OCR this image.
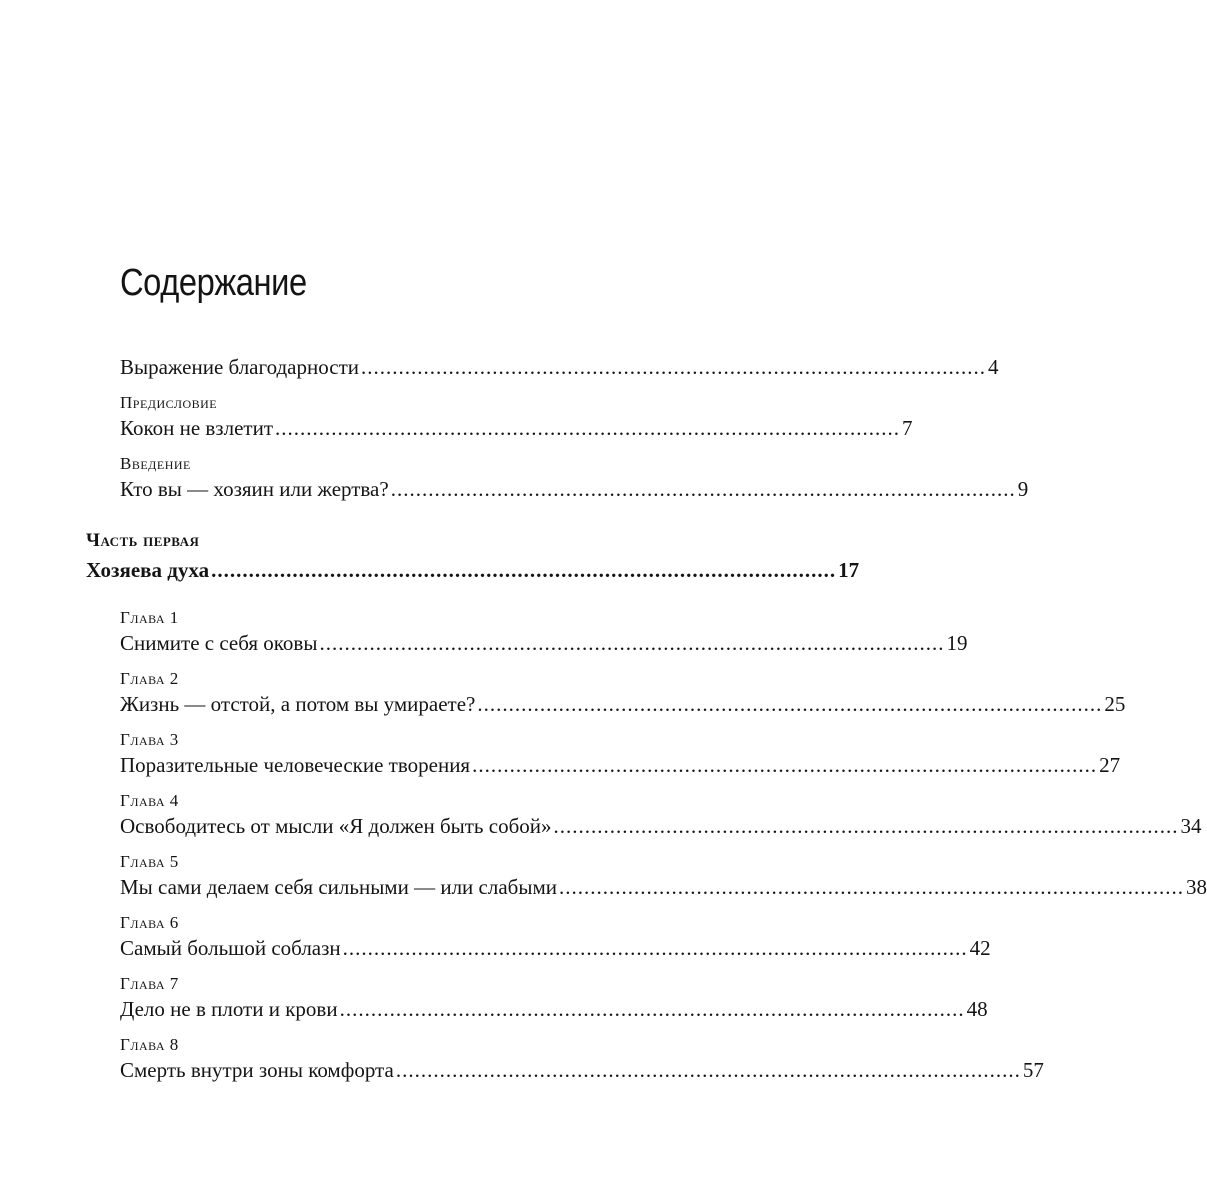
Содержание
Выражение благодарности .................................................................................................... 4
Предисловие
Кокон не взлетит .................................................................................................... 7
Введение
Кто вы — хозяин или жертва? .................................................................................................... 9
Часть первая
Хозяева духа .................................................................................................... 17
Глава 1
Снимите с себя оковы .................................................................................................... 19
Глава 2
Жизнь — отстой, а потом вы умираете? .................................................................................................... 25
Глава 3
Поразительные человеческие творения .................................................................................................... 27
Глава 4
Освободитесь от мысли «Я должен быть собой» .................................................................................................... 34
Глава 5
Мы сами делаем себя сильными — или слабыми .................................................................................................... 38
Глава 6
Самый большой соблазн .................................................................................................... 42
Глава 7
Дело не в плоти и крови .................................................................................................... 48
Глава 8
Смерть внутри зоны комфорта .................................................................................................... 57
